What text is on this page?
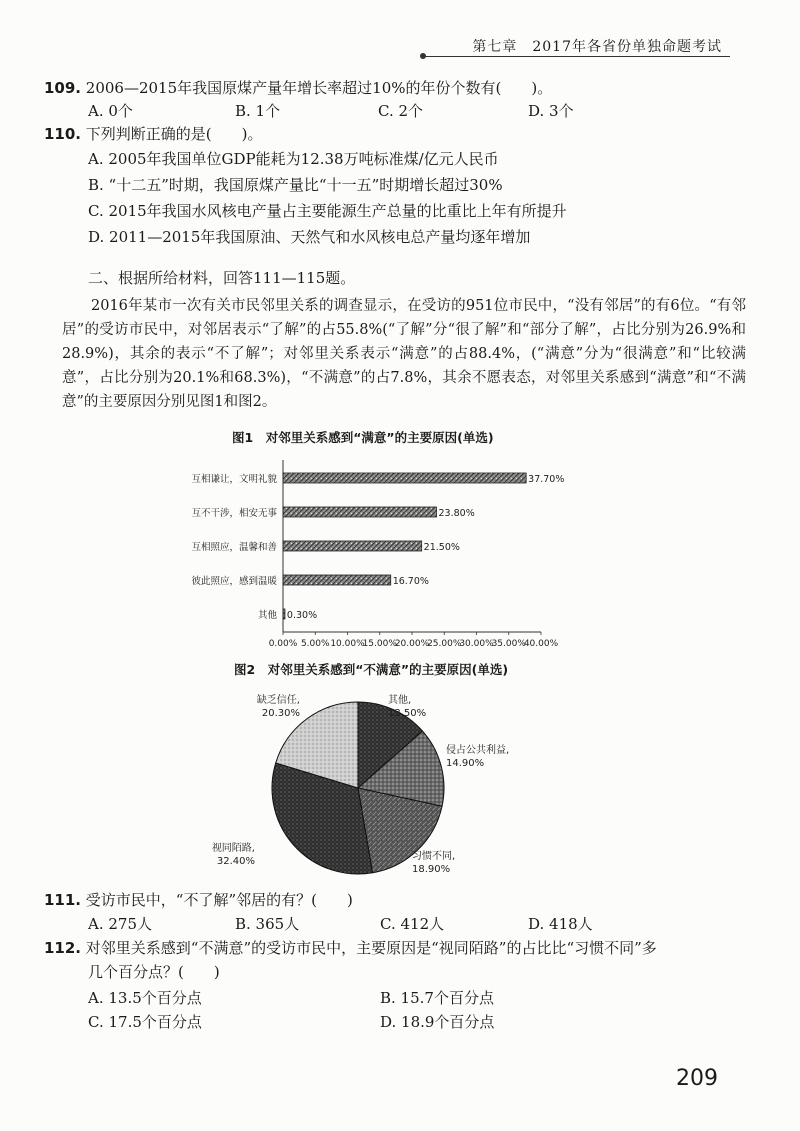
第七章　2017年各省份单独命题考试
109. 2006—2015年我国原煤产量年增长率超过10%的年份个数有(　　)。
A. 0个	B. 1个	C. 2个	D. 3个
110. 下列判断正确的是(　　)。
A. 2005年我国单位GDP能耗为12.38万吨标准煤/亿元人民币
B. “十二五”时期，我国原煤产量比“十一五”时期增长超过30%
C. 2015年我国水风核电产量占主要能源生产总量的比重比上年有所提升
D. 2011—2015年我国原油、天然气和水风核电总产量均逐年增加
二、根据所给材料，回答111—115题。
2016年某市一次有关市民邻里关系的调查显示，在受访的951位市民中，“没有邻居”的有6位。“有邻居”的受访市民中，对邻居表示“了解”的占55.8%(“了解”分“很了解”和“部分了解”，占比分别为26.9%和28.9%)，其余的表示“不了解”；对邻里关系表示“满意”的占88.4%，(“满意”分为“很满意”和“比较满意”，占比分别为20.1%和68.3%)，“不满意”的占7.8%，其余不愿表态，对邻里关系感到“满意”和“不满意”的主要原因分别见图1和图2。
图1　对邻里关系感到“满意”的主要原因(单选)
互相谦让，文明礼貌	37.70%
互不干涉，相安无事	23.80%
互相照应，温馨和善	21.50%
彼此照应，感到温暖	16.70%
其他 0.30%
0.00% 5.00% 10.00%
15.00%
20.00%
25.00%
30.00%
35.00%
40.00%
图2　对邻里关系感到“不满意”的主要原因(单选)
其他,
13.50%
侵占公共利益,
14.90%
习惯不同,
18.90%
视同陌路,
32.40%
缺乏信任,
20.30%
111. 受访市民中，“不了解”邻居的有？(　　)
A. 275人	B. 365人	C. 412人	D. 418人
112. 对邻里关系感到“不满意”的受访市民中，主要原因是“视同陌路”的占比比“习惯不同”多
几个百分点？(　　)
A. 13.5个百分点	B. 15.7个百分点
C. 17.5个百分点	D. 18.9个百分点
209
